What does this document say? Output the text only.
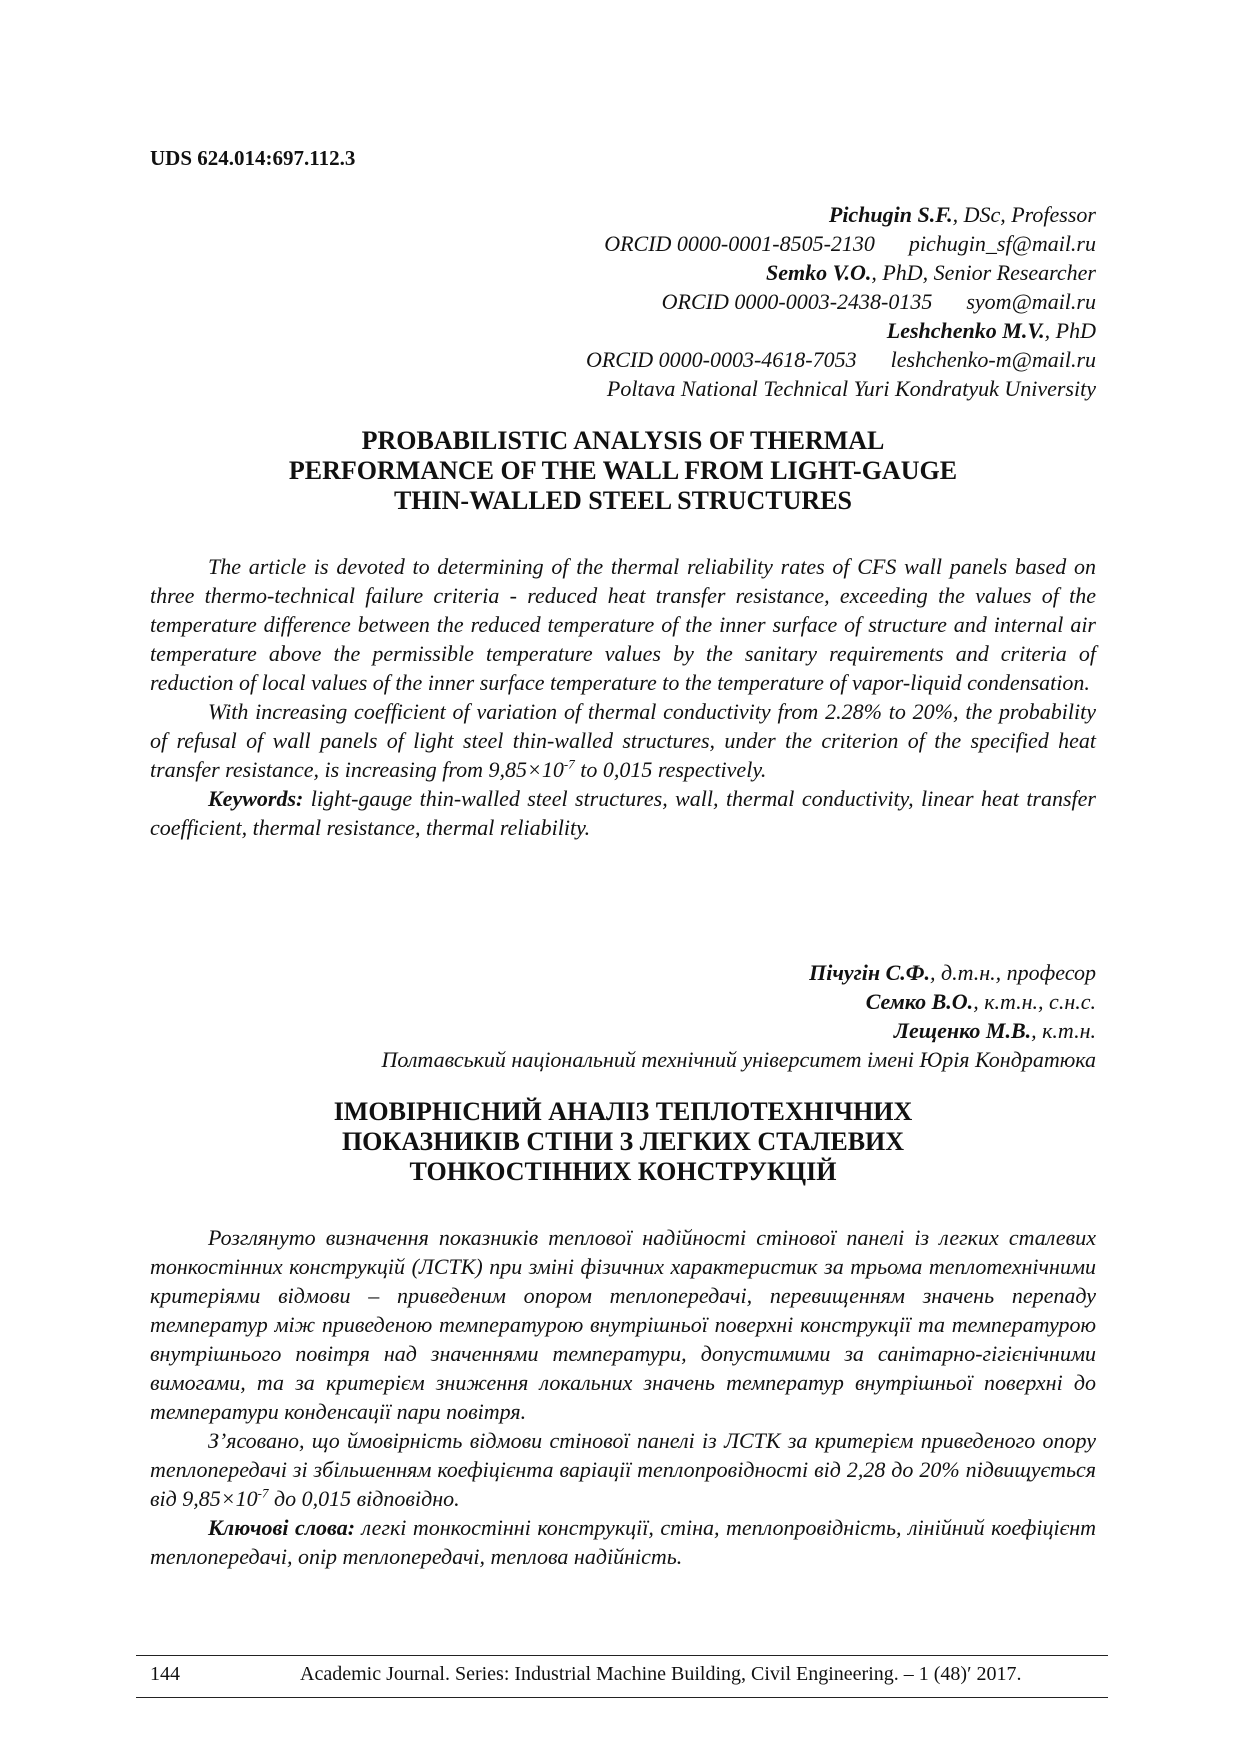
UDS 624.014:697.112.3
Pichugin S.F., DSc, Professor
ORCID 0000-0001-8505-2130 pichugin_sf@mail.ru
Semko V.O., PhD, Senior Researcher
ORCID 0000-0003-2438-0135 syom@mail.ru
Leshchenko M.V., PhD
ORCID 0000-0003-4618-7053 leshchenko-m@mail.ru
Poltava National Technical Yuri Kondratyuk University
PROBABILISTIC ANALYSIS OF THERMAL
PERFORMANCE OF THE WALL FROM LIGHT-GAUGE
THIN-WALLED STEEL STRUCTURES

The article is devoted to determining of the thermal reliability rates of CFS wall panels based on three thermo-technical failure criteria - reduced heat transfer resistance, exceeding the values of the temperature difference between the reduced temperature of the inner surface of structure and internal air temperature above the permissible temperature values by the sanitary requirements and criteria of reduction of local values of the inner surface temperature to the temperature of vapor-liquid condensation.

With increasing coefficient of variation of thermal conductivity from 2.28% to 20%, the probability of refusal of wall panels of light steel thin-walled structures, under the criterion of the specified heat transfer resistance, is increasing from $9,85\times 10^{-7}$ to 0,015 respectively.

Keywords: light-gauge thin-walled steel structures, wall, thermal conductivity, linear heat transfer coefficient, thermal resistance, thermal reliability.

Пічугін С.Ф., д.т.н., професор
Семко В.О., к.т.н., с.н.с.
Лещенко М.В., к.т.н.
Полтавський національний технічний університет імені Юрія Кондратюка
ІМОВІРНІСНИЙ АНАЛІЗ ТЕПЛОТЕХНІЧНИХ
ПОКАЗНИКІВ СТІНИ З ЛЕГКИХ СТАЛЕВИХ
ТОНКОСТІННИХ КОНСТРУКЦІЙ

Розглянуто визначення показників теплової надійності стінової панелі із легких сталевих тонкостінних конструкцій (ЛСТК) при зміні фізичних характеристик за трьома теплотехнічними критеріями відмови – приведеним опором теплопередачі, перевищенням значень перепаду температур між приведеною температурою внутрішньої поверхні конструкції та температурою внутрішнього повітря над значеннями температури, допустимими за санітарно-гігієнічними вимогами, та за критерієм зниження локальних значень температур внутрішньої поверхні до температури конденсації пари повітря.

З’ясовано, що ймовірність відмови стінової панелі із ЛСТК за критерієм приведеного опору теплопередачі зі збільшенням коефіцієнта варіації теплопровідності від 2,28 до 20% підвищується від $9,85\times 10^{-7}$ до 0,015 відповідно.

Ключові слова: легкі тонкостінні конструкції, стіна, теплопровідність, лінійний коефіцієнт теплопередачі, опір теплопередачі, теплова надійність.

144	Academic Journal. Series: Industrial Machine Building, Civil Engineering. – 1 (48)′ 2017.
